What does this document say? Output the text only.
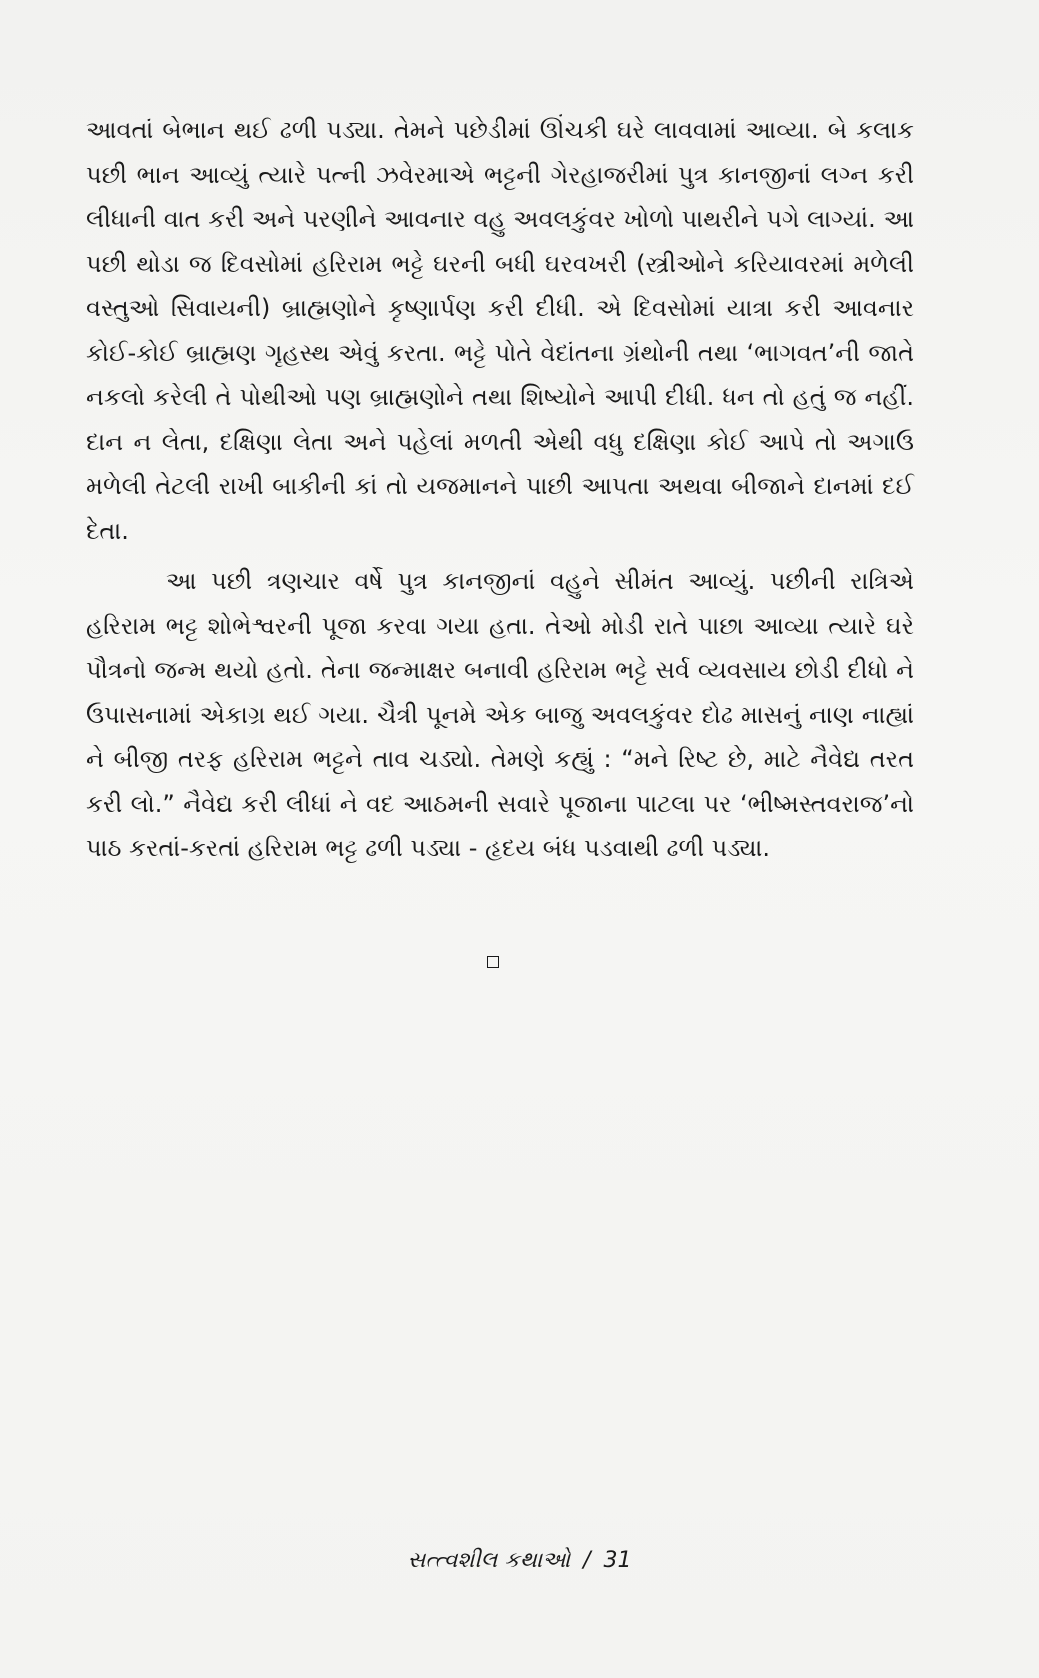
આવતાં બેભાન થઈ ઢળી પડ્યા. તેમને પછેડીમાં ઊંચકી ઘરે લાવવામાં આવ્યા. બે કલાક પછી ભાન આવ્યું ત્યારે પત્ની ઝવેરમાએ ભટ્ટની ગેરહાજરીમાં પુત્ર કાનજીનાં લગ્ન કરી લીધાની વાત કરી અને પરણીને આવનાર વહુ અવલકુંવર ખોળો પાથરીને પગે લાગ્યાં. આ પછી થોડા જ દિવસોમાં હરિરામ ભટ્ટે ઘરની બધી ઘરવખરી (સ્ત્રીઓને કરિયાવરમાં મળેલી વસ્તુઓ સિવાયની) બ્રાહ્મણોને કૃષ્ણાર્પણ કરી દીધી. એ દિવસોમાં યાત્રા કરી આવનાર કોઈ-કોઈ બ્રાહ્મણ ગૃહસ્થ એવું કરતા. ભટ્ટે પોતે વેદાંતના ગ્રંથોની તથા ‘ભાગવત’ની જાતે નકલો કરેલી તે પોથીઓ પણ બ્રાહ્મણોને તથા શિષ્યોને આપી દીધી. ધન તો હતું જ નહીં. દાન ન લેતા, દક્ષિણા લેતા અને પહેલાં મળતી એથી વધુ દક્ષિણા કોઈ આપે તો અગાઉ મળેલી તેટલી રાખી બાકીની કાં તો યજમાનને પાછી આપતા અથવા બીજાને દાનમાં દઈ દેતા.

આ પછી ત્રણચાર વર્ષે પુત્ર કાનજીનાં વહુને સીમંત આવ્યું. પછીની રાત્રિએ હરિરામ ભટ્ટ શોભેશ્વરની પૂજા કરવા ગયા હતા. તેઓ મોડી રાતે પાછા આવ્યા ત્યારે ઘરે પૌત્રનો જન્મ થયો હતો. તેના જન્માક્ષર બનાવી હરિરામ ભટ્ટે સર્વ વ્યવસાય છોડી દીધો ને ઉપાસનામાં એકાગ્ર થઈ ગયા. ચૈત્રી પૂનમે એક બાજુ અવલકુંવર દોઢ માસનું નાણ નાહ્યાં ને બીજી તરફ હરિરામ ભટ્ટને તાવ ચડ્યો. તેમણે કહ્યું : “મને રિષ્ટ છે, માટે નૈવેદ્ય તરત કરી લો.” નૈવેદ્ય કરી લીધાં ને વદ આઠમની સવારે પૂજાના પાટલા પર ‘ભીષ્મસ્તવરાજ’નો પાઠ કરતાં-કરતાં હરિરામ ભટ્ટ ઢળી પડ્યા - હૃદય બંધ પડવાથી ઢળી પડ્યા.

સત્ત્વશીલ કથાઓ / 31
